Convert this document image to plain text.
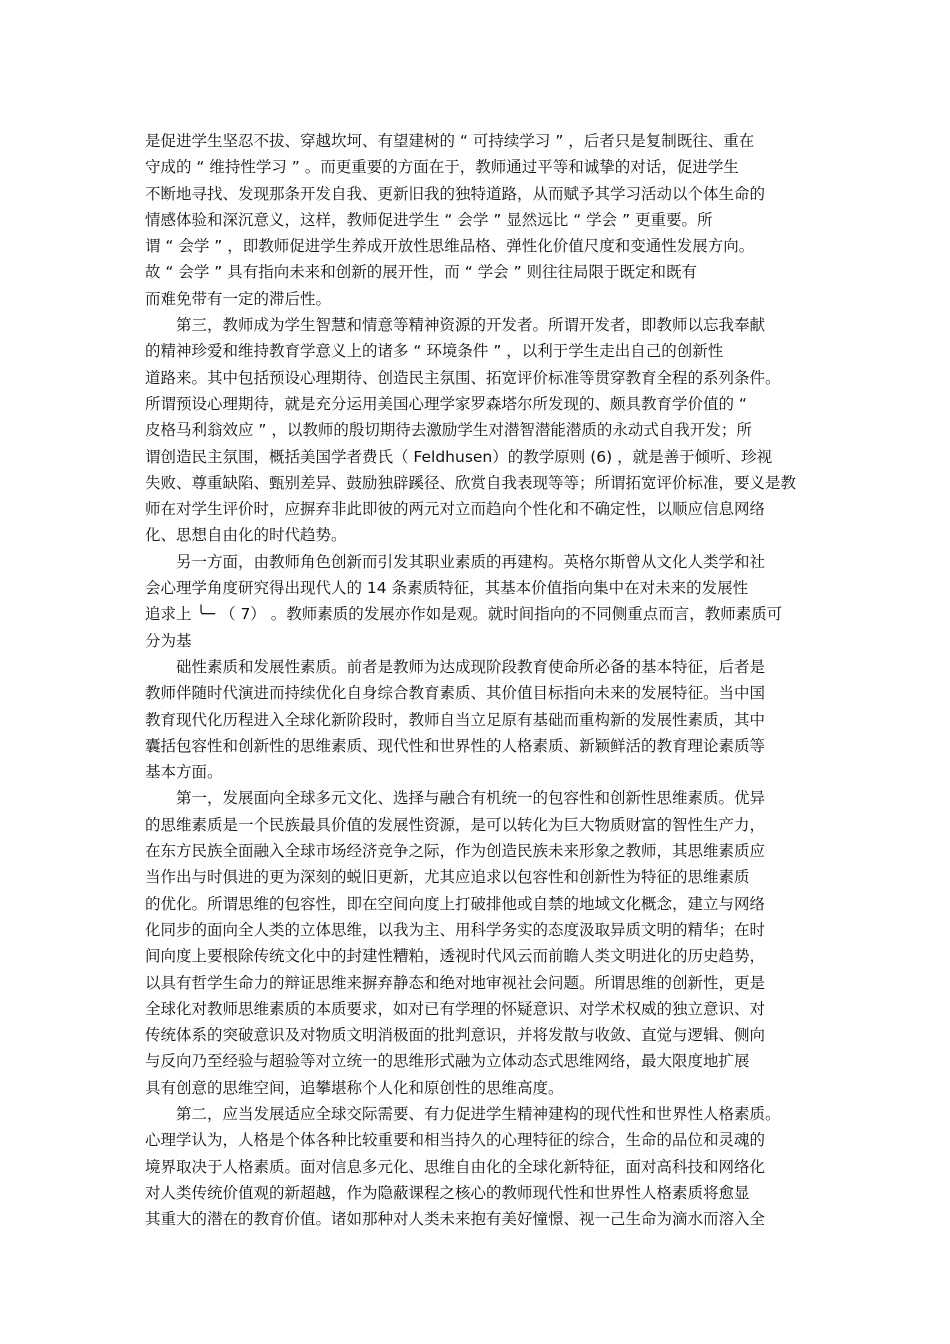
是促进学生坚忍不拔、穿越坎坷、有望建树的 “ 可持续学习 ” ，后者只是复制既往、重在
守成的 “ 维持性学习 ” 。而更重要的方面在于，教师通过平等和诚挚的对话，促进学生
不断地寻找、发现那条开发自我、更新旧我的独特道路，从而赋予其学习活动以个体生命的
情感体验和深沉意义，这样，教师促进学生 “ 会学 ” 显然远比 “ 学会 ” 更重要。所
谓 “ 会学 ” ，即教师促进学生养成开放性思维品格、弹性化价值尺度和变通性发展方向。
故 “ 会学 ” 具有指向未来和创新的展开性，而 “ 学会 ” 则往往局限于既定和既有
而难免带有一定的滞后性。
第三，教师成为学生智慧和情意等精神资源的开发者。所谓开发者，即教师以忘我奉献
的精神珍爱和维持教育学意义上的诸多 “ 环境条件 ” ，以利于学生走出自己的创新性
道路来。其中包括预设心理期待、创造民主氛围、拓宽评价标准等贯穿教育全程的系列条件。
所谓预设心理期待，就是充分运用美国心理学家罗森塔尔所发现的、颇具教育学价值的 “
皮格马利翁效应 ” ，以教师的殷切期待去激励学生对潜智潜能潜质的永动式自我开发；所
谓创造民主氛围，概括美国学者费氏（ Feldhusen）的教学原则 (6) ，就是善于倾听、珍视
失败、尊重缺陷、甄别差异、鼓励独辟蹊径、欣赏自我表现等等；所谓拓宽评价标准，要义是教
师在对学生评价时，应摒弃非此即彼的两元对立而趋向个性化和不确定性，以顺应信息网络
化、思想自由化的时代趋势。
另一方面，由教师角色创新而引发其职业素质的再建构。英格尔斯曾从文化人类学和社
会心理学角度研究得出现代人的 14 条素质特征，其基本价值指向集中在对未来的发展性
追求上 ╰─ （ 7） 。教师素质的发展亦作如是观。就时间指向的不同侧重点而言，教师素质可
分为基
础性素质和发展性素质。前者是教师为达成现阶段教育使命所必备的基本特征，后者是
教师伴随时代演进而持续优化自身综合教育素质、其价值目标指向未来的发展特征。当中国
教育现代化历程进入全球化新阶段时，教师自当立足原有基础而重构新的发展性素质，其中
囊括包容性和创新性的思维素质、现代性和世界性的人格素质、新颖鲜活的教育理论素质等
基本方面。
第一，发展面向全球多元文化、选择与融合有机统一的包容性和创新性思维素质。优异
的思维素质是一个民族最具价值的发展性资源，是可以转化为巨大物质财富的智性生产力，
在东方民族全面融入全球市场经济竞争之际，作为创造民族未来形象之教师，其思维素质应
当作出与时俱进的更为深刻的蜕旧更新，尤其应追求以包容性和创新性为特征的思维素质
的优化。所谓思维的包容性，即在空间向度上打破排他或自禁的地域文化概念，建立与网络
化同步的面向全人类的立体思维，以我为主、用科学务实的态度汲取异质文明的精华；在时
间向度上要根除传统文化中的封建性糟粕，透视时代风云而前瞻人类文明进化的历史趋势，
以具有哲学生命力的辩证思维来摒弃静态和绝对地审视社会问题。所谓思维的创新性，更是
全球化对教师思维素质的本质要求，如对已有学理的怀疑意识、对学术权威的独立意识、对
传统体系的突破意识及对物质文明消极面的批判意识，并将发散与收敛、直觉与逻辑、侧向
与反向乃至经验与超验等对立统一的思维形式融为立体动态式思维网络，最大限度地扩展
具有创意的思维空间，追攀堪称个人化和原创性的思维高度。
第二，应当发展适应全球交际需要、有力促进学生精神建构的现代性和世界性人格素质。
心理学认为，人格是个体各种比较重要和相当持久的心理特征的综合，生命的品位和灵魂的
境界取决于人格素质。面对信息多元化、思维自由化的全球化新特征，面对高科技和网络化
对人类传统价值观的新超越，作为隐蔽课程之核心的教师现代性和世界性人格素质将愈显
其重大的潜在的教育价值。诸如那种对人类未来抱有美好憧憬、视一己生命为滴水而溶入全
